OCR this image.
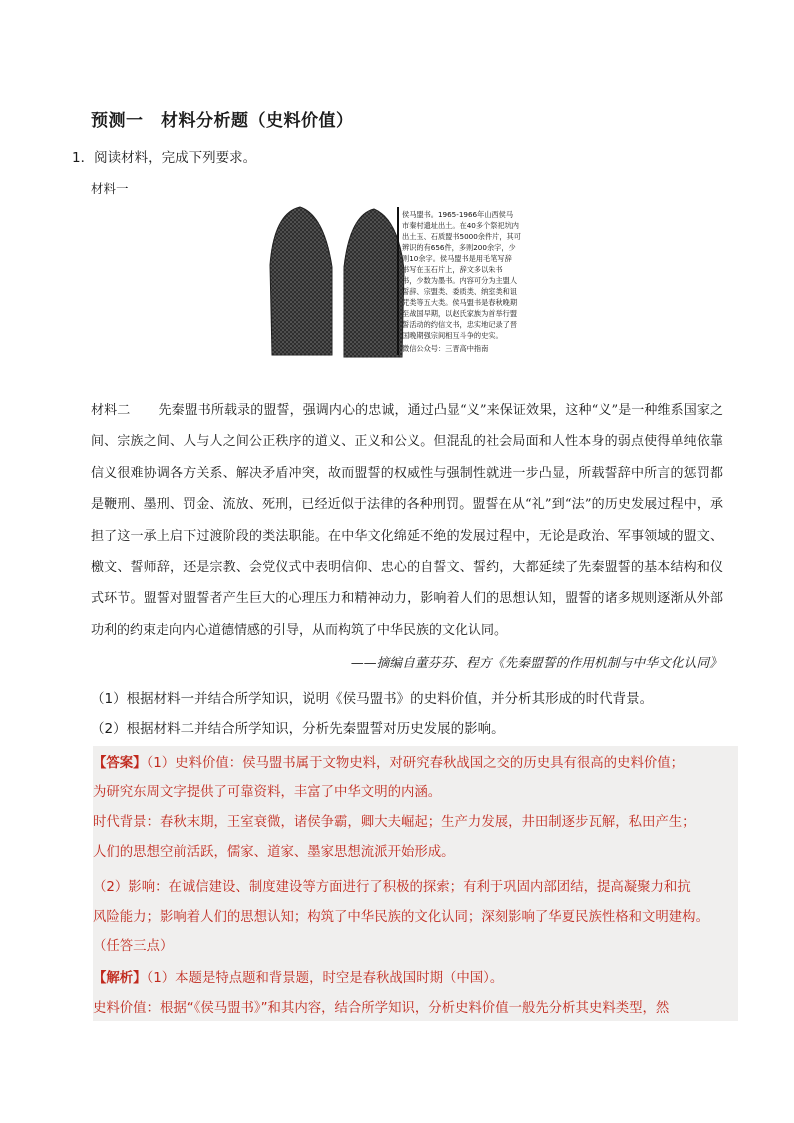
预测一　材料分析题（史料价值）
1．阅读材料，完成下列要求。
材料一
侯马盟书。1965-1966年山西侯马
市秦村遗址出土。在40多个祭祀坑内
出土玉、石质盟书5000余件片，其可
辨识的有656件，多则200余字，少
则10余字。侯马盟书是用毛笔写辞
书写在玉石片上，辞文多以朱书
书，少数为墨书。内容可分为主盟人
誓辞、宗盟类、委质类、纳室类和诅
咒类等五大类。侯马盟书是春秋晚期
至战国早期，以赵氏家族为首举行盟
誓活动的约信文书，忠实地记录了晋
国晚期强宗间相互斗争的史实。
微信公众号：三晋高中指南
材料二 先秦盟书所载录的盟誓，强调内心的忠诚，通过凸显“义”来保证效果，这种“义”是一种维系国家之间、宗族之间、人与人之间公正秩序的道义、正义和公义。但混乱的社会局面和人性本身的弱点使得单纯依靠信义很难协调各方关系、解决矛盾冲突，故而盟誓的权威性与强制性就进一步凸显，所载誓辞中所言的惩罚都是鞭刑、墨刑、罚金、流放、死刑，已经近似于法律的各种刑罚。盟誓在从“礼”到“法”的历史发展过程中，承担了这一承上启下过渡阶段的类法职能。在中华文化绵延不绝的发展过程中，无论是政治、军事领域的盟文、檄文、誓师辞，还是宗教、会党仪式中表明信仰、忠心的自誓文、誓约，大都延续了先秦盟誓的基本结构和仪式环节。盟誓对盟誓者产生巨大的心理压力和精神动力，影响着人们的思想认知，盟誓的诸多规则逐渐从外部功利的约束走向内心道德情感的引导，从而构筑了中华民族的文化认同。
——摘编自董芬芬、程方《先秦盟誓的作用机制与中华文化认同》
（1）根据材料一并结合所学知识，说明《侯马盟书》的史料价值，并分析其形成的时代背景。
（2）根据材料二并结合所学知识，分析先秦盟誓对历史发展的影响。
【答案】（1）史料价值：侯马盟书属于文物史料，对研究春秋战国之交的历史具有很高的史料价值；
为研究东周文字提供了可靠资料，丰富了中华文明的内涵。
时代背景：春秋末期，王室衰微，诸侯争霸，卿大夫崛起；生产力发展，井田制逐步瓦解，私田产生；
人们的思想空前活跃，儒家、道家、墨家思想流派开始形成。
（2）影响：在诚信建设、制度建设等方面进行了积极的探索；有利于巩固内部团结，提高凝聚力和抗
风险能力；影响着人们的思想认知；构筑了中华民族的文化认同；深刻影响了华夏民族性格和文明建构。
（任答三点）
【解析】（1）本题是特点题和背景题，时空是春秋战国时期（中国）。
史料价值：根据“《侯马盟书》”和其内容，结合所学知识，分析史料价值一般先分析其史料类型，然
